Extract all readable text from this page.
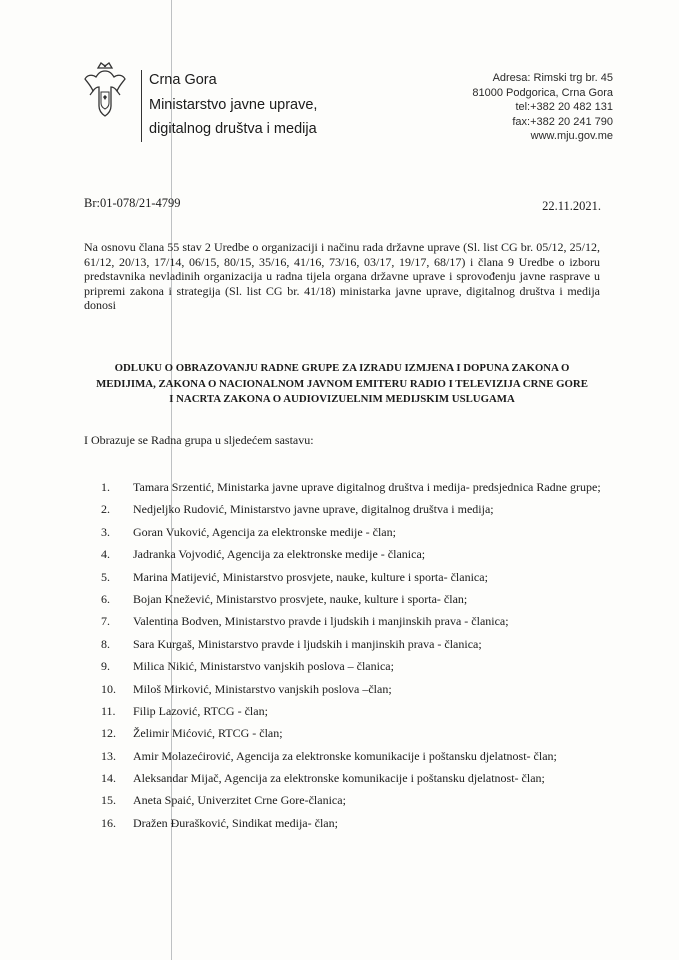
Crna Gora
Ministarstvo javne uprave,
digitalnog društva i medija
Adresa: Rimski trg br. 45
81000 Podgorica, Crna Gora
tel:+382 20 482 131
fax:+382 20 241 790
www.mju.gov.me
Br:01-078/21-4799	22.11.2021.
Na osnovu člana 55 stav 2 Uredbe o organizaciji i načinu rada državne uprave (Sl. list CG br. 05/12, 25/12, 61/12, 20/13, 17/14, 06/15, 80/15, 35/16, 41/16, 73/16, 03/17, 19/17, 68/17) i člana 9 Uredbe o izboru predstavnika nevladinih organizacija u radna tijela organa državne uprave i sprovođenju javne rasprave u pripremi zakona i strategija (Sl. list CG br. 41/18) ministarka javne uprave, digitalnog društva i medija donosi
ODLUKU O OBRAZOVANJU RADNE GRUPE ZA IZRADU IZMJENA I DOPUNA ZAKONA O
MEDIJIMA, ZAKONA O NACIONALNOM JAVNOM EMITERU RADIO I TELEVIZIJA CRNE GORE
I NACRTA ZAKONA O AUDIOVIZUELNIM MEDIJSKIM USLUGAMA
I Obrazuje se Radna grupa u sljedećem sastavu:
1. Tamara Srzentić, Ministarka javne uprave digitalnog društva i medija- predsjednica Radne grupe;
2. Nedjeljko Rudović, Ministarstvo javne uprave, digitalnog društva i medija;
3. Goran Vuković, Agencija za elektronske medije - član;
4. Jadranka Vojvodić, Agencija za elektronske medije - članica;
5. Marina Matijević, Ministarstvo prosvjete, nauke, kulture i sporta- članica;
6. Bojan Knežević, Ministarstvo prosvjete, nauke, kulture i sporta- član;
7. Valentina Bodven, Ministarstvo pravde i ljudskih i manjinskih prava - članica;
8. Sara Kurgaš, Ministarstvo pravde i ljudskih i manjinskih prava - članica;
9. Milica Nikić, Ministarstvo vanjskih poslova – članica;
10. Miloš Mirković, Ministarstvo vanjskih poslova –član;
11. Filip Lazović, RTCG - član;
12. Želimir Mićović, RTCG - član;
13. Amir Molazećirović, Agencija za elektronske komunikacije i poštansku djelatnost- član;
14. Aleksandar Mijač, Agencija za elektronske komunikacije i poštansku djelatnost- član;
15. Aneta Spaić, Univerzitet Crne Gore-članica;
16. Dražen Đurašković, Sindikat medija- član;
